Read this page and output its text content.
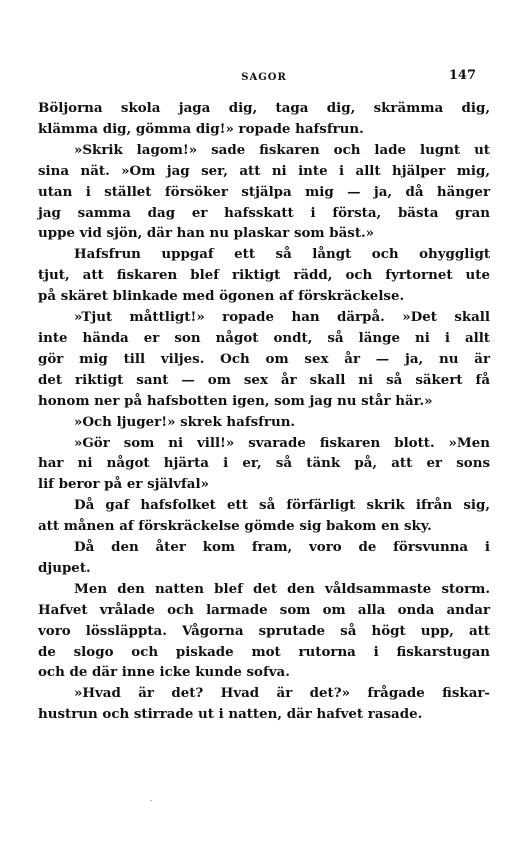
SAGOR	147
Böljorna skola jaga dig, taga dig, skrämma dig,
klämma dig, gömma dig!» ropade hafsfrun.
»Skrik lagom!» sade fiskaren och lade lugnt ut
sina nät. »Om jag ser, att ni inte i allt hjälper mig,
utan i stället försöker stjälpa mig — ja, då hänger
jag samma dag er hafsskatt i första, bästa gran
uppe vid sjön, där han nu plaskar som bäst.»
Hafsfrun uppgaf ett så långt och ohyggligt
tjut, att fiskaren blef riktigt rädd, och fyrtornet ute
på skäret blinkade med ögonen af förskräckelse.
»Tjut måttligt!» ropade han därpå. »Det skall
inte hända er son något ondt, så länge ni i allt
gör mig till viljes. Och om sex år — ja, nu är
det riktigt sant — om sex år skall ni så säkert få
honom ner på hafsbotten igen, som jag nu står här.»
»Och ljuger!» skrek hafsfrun.
»Gör som ni vill!» svarade fiskaren blott. »Men
har ni något hjärta i er, så tänk på, att er sons
lif beror på er självfal»
Då gaf hafsfolket ett så förfärligt skrik ifrån sig,
att månen af förskräckelse gömde sig bakom en sky.
Då den åter kom fram, voro de försvunna i
djupet.
Men den natten blef det den våldsammaste storm.
Hafvet vrålade och larmade som om alla onda andar
voro lössläppta. Vågorna sprutade så högt upp, att
de slogo och piskade mot rutorna i fiskarstugan
och de där inne icke kunde sofva.
»Hvad är det? Hvad är det?» frågade fiskar-
hustrun och stirrade ut i natten, där hafvet rasade.
